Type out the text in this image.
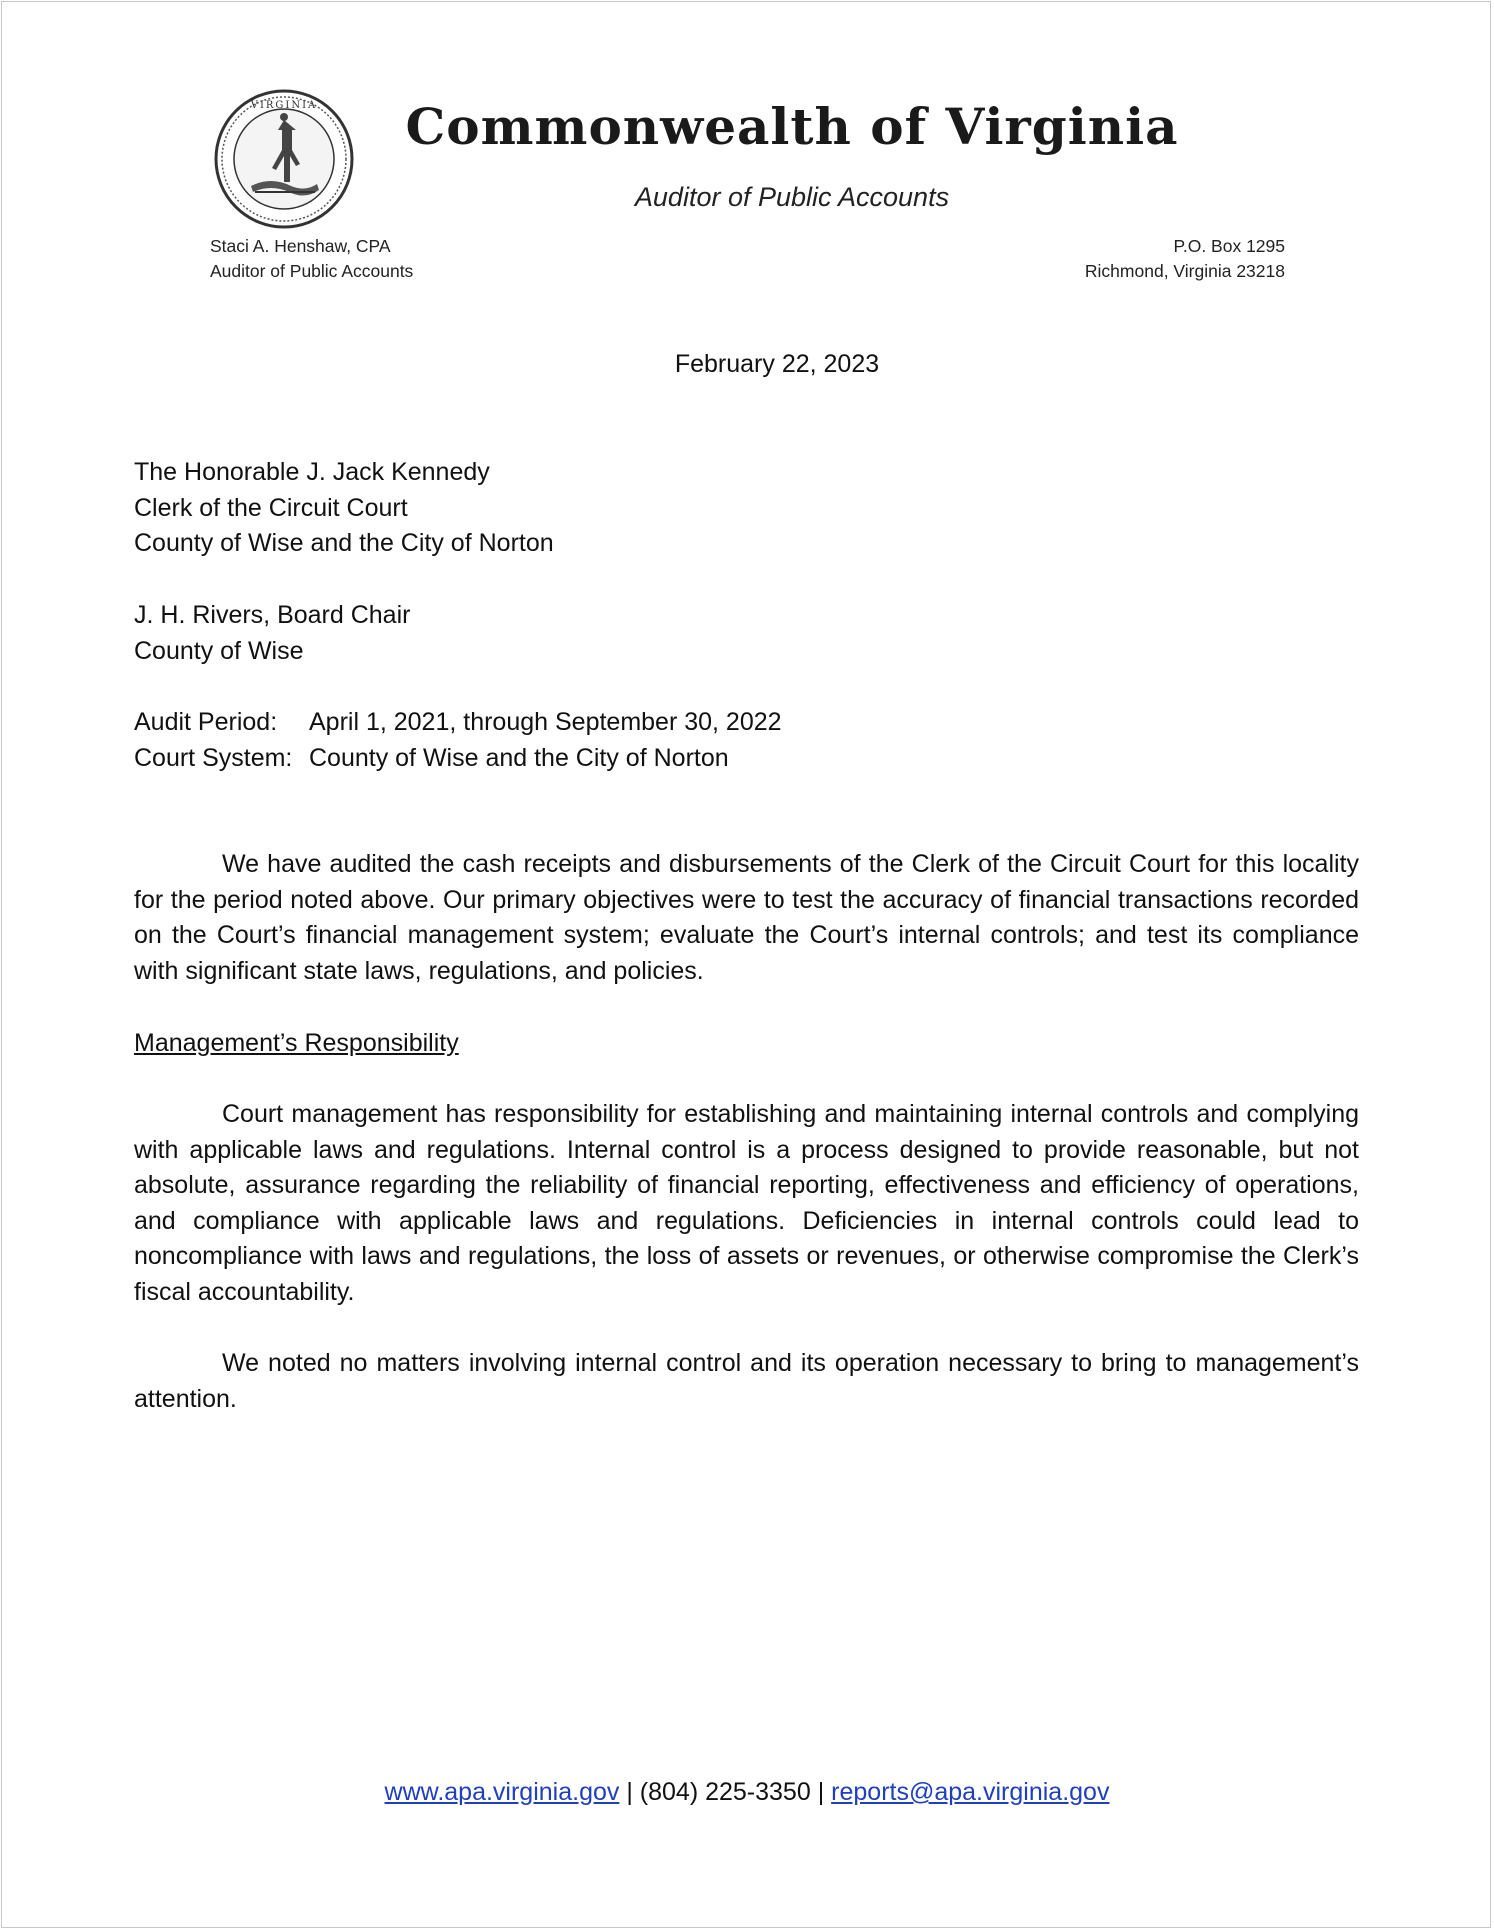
VIRGINIA	Commonwealth of Virginia
Auditor of Public Accounts
Staci A. Henshaw, CPA
Auditor of Public Accounts
P.O. Box 1295
Richmond, Virginia 23218
February 22, 2023
The Honorable J. Jack Kennedy
Clerk of the Circuit Court
County of Wise and the City of Norton
J. H. Rivers, Board Chair
County of Wise
Audit Period:	April 1, 2021, through September 30, 2022
Court System: County of Wise and the City of Norton

We have audited the cash receipts and disbursements of the Clerk of the Circuit Court for this locality for the period noted above. Our primary objectives were to test the accuracy of financial transactions recorded on the Court’s financial management system; evaluate the Court’s internal controls; and test its compliance with significant state laws, regulations, and policies.

Management’s Responsibility

Court management has responsibility for establishing and maintaining internal controls and complying with applicable laws and regulations. Internal control is a process designed to provide reasonable, but not absolute, assurance regarding the reliability of financial reporting, effectiveness and efficiency of operations, and compliance with applicable laws and regulations. Deficiencies in internal controls could lead to noncompliance with laws and regulations, the loss of assets or revenues, or otherwise compromise the Clerk’s fiscal accountability.

We noted no matters involving internal control and its operation necessary to bring to management’s attention.

www.apa.virginia.gov | (804) 225-3350 | reports@apa.virginia.gov
